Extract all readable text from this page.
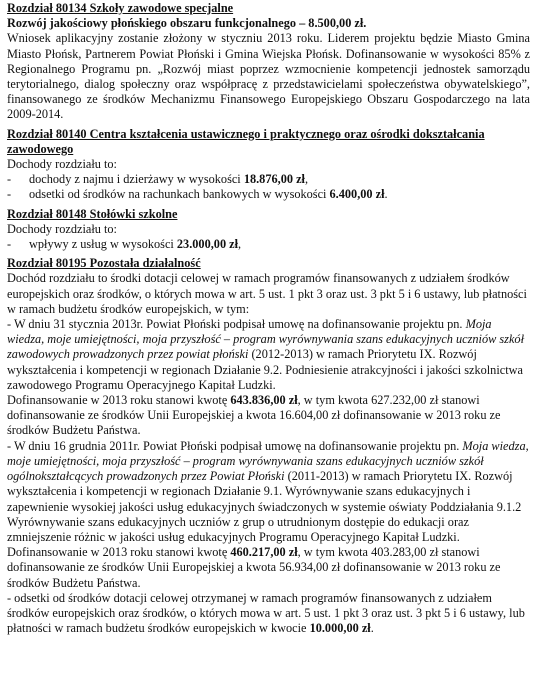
Rozdział 80134 Szkoły zawodowe specjalne

Rozwój jakościowy płońskiego obszaru funkcjonalnego – 8.500,00 zł.

Wniosek aplikacyjny zostanie złożony w styczniu 2013 roku. Liderem projektu będzie Miasto Gmina Miasto Płońsk, Partnerem Powiat Płoński i Gmina Wiejska Płońsk. Dofinansowanie w wysokości 85% z Regionalnego Programu pn. „Rozwój miast poprzez wzmocnienie kompetencji jednostek samorządu terytorialnego, dialog społeczny oraz współpracę z przedstawicielami społeczeństwa obywatelskiego”, finansowanego ze środków Mechanizmu Finansowego Europejskiego Obszaru Gospodarczego na lata 2009-2014.

Rozdział 80140 Centra kształcenia ustawicznego i praktycznego oraz ośrodki dokształcania zawodowego

Dochody rozdziału to:

- dochody z najmu i dzierżawy w wysokości 18.876,00 zł,

- odsetki od środków na rachunkach bankowych w wysokości 6.400,00 zł.

Rozdział 80148 Stołówki szkolne

Dochody rozdziału to:

- wpływy z usług w wysokości 23.000,00 zł,

Rozdział 80195 Pozostała działalność

Dochód rozdziału to środki dotacji celowej w ramach programów finansowanych z udziałem środków europejskich oraz środków, o których mowa w art. 5 ust. 1 pkt 3 oraz ust. 3 pkt 5 i 6 ustawy, lub płatności w ramach budżetu środków europejskich, w tym:

- W dniu 31 stycznia 2013r. Powiat Płoński podpisał umowę na dofinansowanie projektu pn. Moja wiedza, moje umiejętności, moja przyszłość – program wyrównywania szans edukacyjnych uczniów szkół zawodowych prowadzonych przez powiat płoński (2012-2013) w ramach Priorytetu IX. Rozwój wykształcenia i kompetencji w regionach Działanie 9.2. Podniesienie atrakcyjności i jakości szkolnictwa zawodowego Programu Operacyjnego Kapitał Ludzki.

Dofinansowanie w 2013 roku stanowi kwotę 643.836,00 zł, w tym kwota 627.232,00 zł stanowi dofinansowanie ze środków Unii Europejskiej a kwota 16.604,00 zł dofinansowanie w 2013 roku ze środków Budżetu Państwa.

- W dniu 16 grudnia 2011r. Powiat Płoński podpisał umowę na dofinansowanie projektu pn. Moja wiedza, moje umiejętności, moja przyszłość – program wyrównywania szans edukacyjnych uczniów szkół ogólnokształcących prowadzonych przez Powiat Płoński (2011-2013) w ramach Priorytetu IX. Rozwój wykształcenia i kompetencji w regionach Działanie 9.1. Wyrównywanie szans edukacyjnych i zapewnienie wysokiej jakości usług edukacyjnych świadczonych w systemie oświaty Poddziałania 9.1.2 Wyrównywanie szans edukacyjnych uczniów z grup o utrudnionym dostępie do edukacji oraz zmniejszenie różnic w jakości usług edukacyjnych Programu Operacyjnego Kapitał Ludzki.

Dofinansowanie w 2013 roku stanowi kwotę 460.217,00 zł, w tym kwota 403.283,00 zł stanowi dofinansowanie ze środków Unii Europejskiej a kwota 56.934,00 zł dofinansowanie w 2013 roku ze środków Budżetu Państwa.

- odsetki od środków dotacji celowej otrzymanej w ramach programów finansowanych z udziałem środków europejskich oraz środków, o których mowa w art. 5 ust. 1 pkt 3 oraz ust. 3 pkt 5 i 6 ustawy, lub płatności w ramach budżetu środków europejskich w kwocie 10.000,00 zł.
